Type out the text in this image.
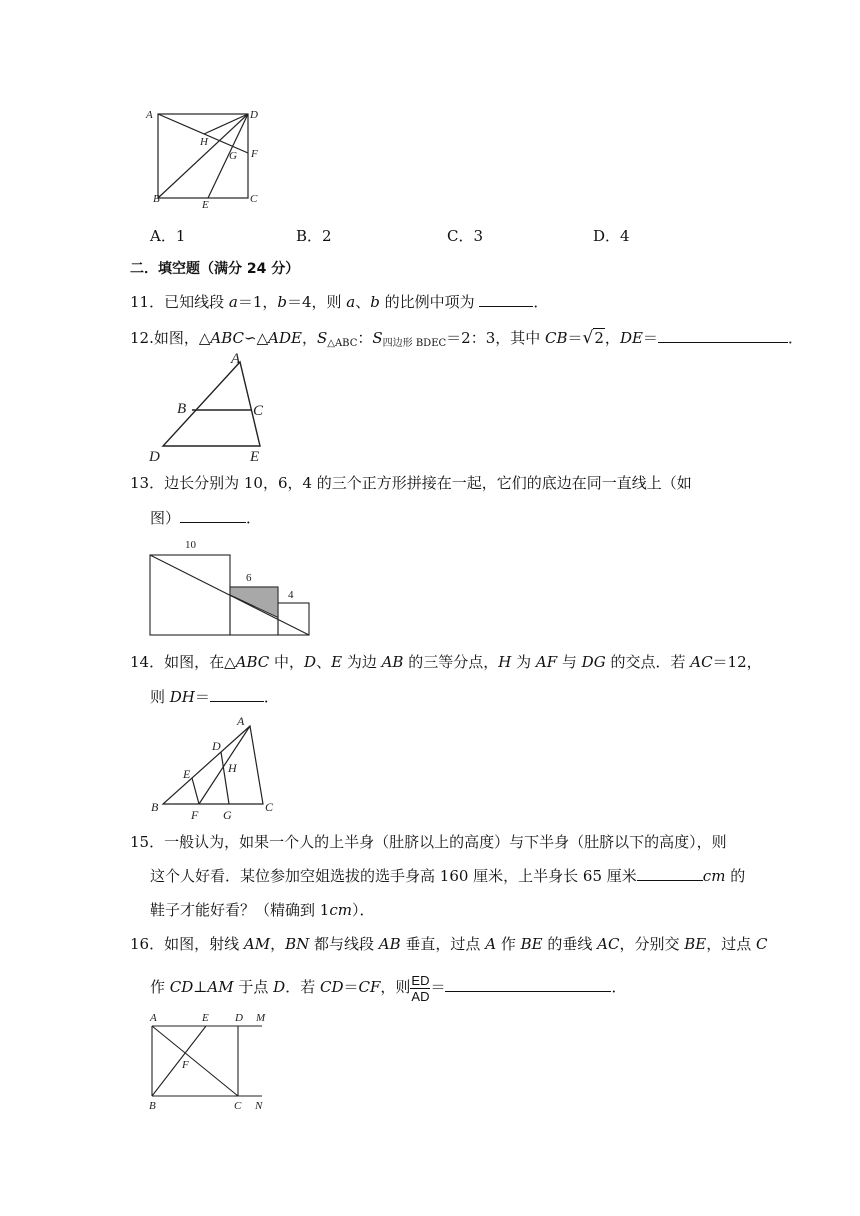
A	D
H
G F
B	E	C
A．1	B．2	C．3	D．4
二．填空题（满分 24 分）
11．已知线段 a＝1，b＝4，则 a、b 的比例中项为	．
12.如图，△ABC∽△ADE，$S_{\triangle ABC}$：$S_{四边形 BDEC}=2$：3，其中 CB＝√2，DE＝	．
A
B	C
D	E
13．边长分别为 10，6，4 的三个正方形拼接在一起，它们的底边在同一直线上（如
图）	．
10
6
4
14．如图，在△ABC 中，D、E 为边 AB 的三等分点，H 为 AF 与 DG 的交点．若 AC＝12，
则 DH＝	．
A
D
E	H
B
F G
C
15．一般认为，如果一个人的上半身（肚脐以上的高度）与下半身（肚脐以下的高度），则
这个人好看．某位参加空姐选拔的选手身高 160 厘米，上半身长 65 厘米	cm 的
鞋子才能好看？（精确到 1cm）．
16．如图，射线 AM，BN 都与线段 AB 垂直，过点 A 作 BE 的垂线 AC，分别交 BE，过点 C
作 CD⊥AM 于点 D．若 CD＝CF，则 $\frac{ED}{AD}$ ＝	．
A	E D M
F
B	C N
